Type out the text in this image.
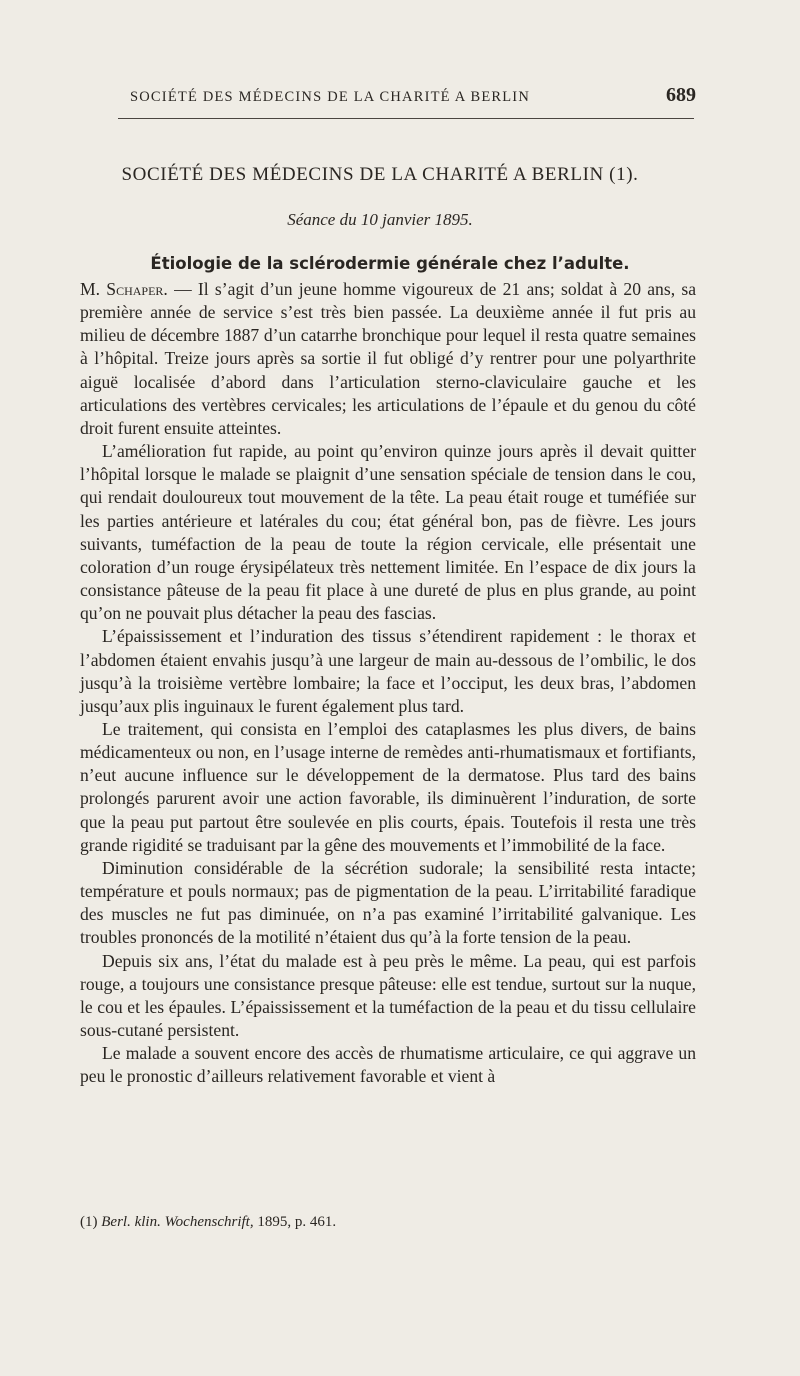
SOCIÉTÉ DES MÉDECINS DE LA CHARITÉ A BERLIN	689
SOCIÉTÉ DES MÉDECINS DE LA CHARITÉ A BERLIN (1).
Séance du 10 janvier 1895.
Étiologie de la sclérodermie générale chez l’adulte.

M. Schaper. — Il s’agit d’un jeune homme vigoureux de 21 ans; soldat à 20 ans, sa première année de service s’est très bien passée. La deuxième année il fut pris au milieu de décembre 1887 d’un catarrhe bronchique pour lequel il resta quatre semaines à l’hôpital. Treize jours après sa sortie il fut obligé d’y rentrer pour une polyarthrite aiguë localisée d’abord dans l’articulation sterno-claviculaire gauche et les articulations des vertèbres cervicales; les articulations de l’épaule et du genou du côté droit furent ensuite atteintes.

L’amélioration fut rapide, au point qu’environ quinze jours après il devait quitter l’hôpital lorsque le malade se plaignit d’une sensation spéciale de tension dans le cou, qui rendait douloureux tout mouvement de la tête. La peau était rouge et tuméfiée sur les parties antérieure et latérales du cou; état général bon, pas de fièvre. Les jours suivants, tuméfaction de la peau de toute la région cervicale, elle présentait une coloration d’un rouge érysipélateux très nettement limitée. En l’espace de dix jours la consistance pâteuse de la peau fit place à une dureté de plus en plus grande, au point qu’on ne pouvait plus détacher la peau des fascias.

L’épaississement et l’induration des tissus s’étendirent rapidement : le thorax et l’abdomen étaient envahis jusqu’à une largeur de main au-dessous de l’ombilic, le dos jusqu’à la troisième vertèbre lombaire; la face et l’occiput, les deux bras, l’abdomen jusqu’aux plis inguinaux le furent également plus tard.

Le traitement, qui consista en l’emploi des cataplasmes les plus divers, de bains médicamenteux ou non, en l’usage interne de remèdes anti-rhumatismaux et fortifiants, n’eut aucune influence sur le développement de la dermatose. Plus tard des bains prolongés parurent avoir une action favorable, ils diminuèrent l’induration, de sorte que la peau put partout être soulevée en plis courts, épais. Toutefois il resta une très grande rigidité se traduisant par la gêne des mouvements et l’immobilité de la face.

Diminution considérable de la sécrétion sudorale; la sensibilité resta intacte; température et pouls normaux; pas de pigmentation de la peau. L’irritabilité faradique des muscles ne fut pas diminuée, on n’a pas examiné l’irritabilité galvanique. Les troubles prononcés de la motilité n’étaient dus qu’à la forte tension de la peau.

Depuis six ans, l’état du malade est à peu près le même. La peau, qui est parfois rouge, a toujours une consistance presque pâteuse: elle est tendue, surtout sur la nuque, le cou et les épaules. L’épaississement et la tuméfaction de la peau et du tissu cellulaire sous-cutané persistent.

Le malade a souvent encore des accès de rhumatisme articulaire, ce qui aggrave un peu le pronostic d’ailleurs relativement favorable et vient à

(1) Berl. klin. Wochenschrift, 1895, p. 461.
